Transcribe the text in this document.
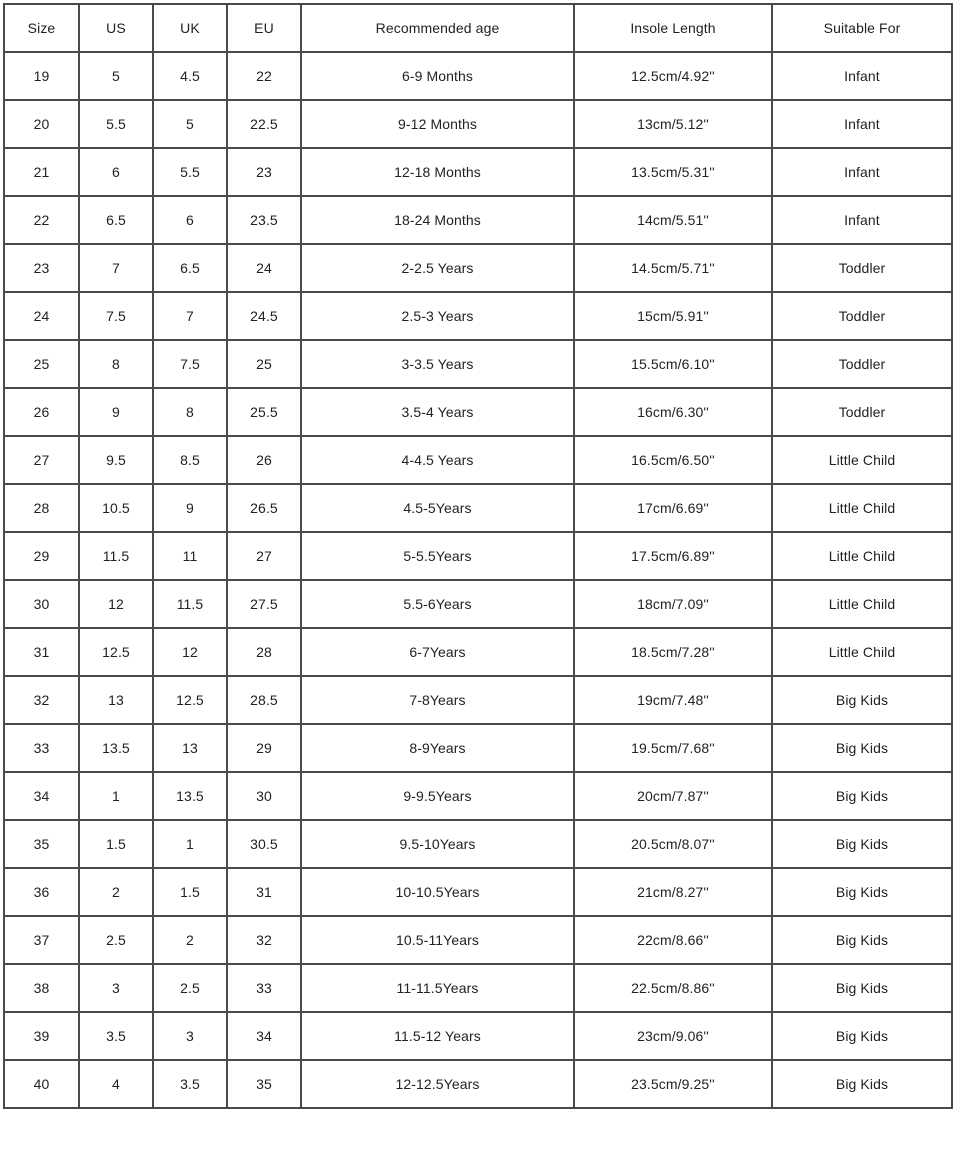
Size	US	UK	EU	Recommended age	Insole Length	Suitable For
19	5	4.5	22	6-9 Months	12.5cm/4.92''	Infant
20	5.5	5	22.5	9-12 Months	13cm/5.12''	Infant
21	6	5.5	23	12-18 Months	13.5cm/5.31''	Infant
22	6.5	6	23.5	18-24 Months	14cm/5.51''	Infant
23	7	6.5	24	2-2.5 Years	14.5cm/5.71''	Toddler
24	7.5	7	24.5	2.5-3 Years	15cm/5.91''	Toddler
25	8	7.5	25	3-3.5 Years	15.5cm/6.10''	Toddler
26	9	8	25.5	3.5-4 Years	16cm/6.30''	Toddler
27	9.5	8.5	26	4-4.5 Years	16.5cm/6.50''	Little Child
28	10.5	9	26.5	4.5-5Years	17cm/6.69''	Little Child
29	11.5	11	27	5-5.5Years	17.5cm/6.89''	Little Child
30	12	11.5	27.5	5.5-6Years	18cm/7.09''	Little Child
31	12.5	12	28	6-7Years	18.5cm/7.28''	Little Child
32	13	12.5	28.5	7-8Years	19cm/7.48''	Big Kids
33	13.5	13	29	8-9Years	19.5cm/7.68''	Big Kids
34	1	13.5	30	9-9.5Years	20cm/7.87''	Big Kids
35	1.5	1	30.5	9.5-10Years	20.5cm/8.07''	Big Kids
36	2	1.5	31	10-10.5Years	21cm/8.27''	Big Kids
37	2.5	2	32	10.5-11Years	22cm/8.66''	Big Kids
38	3	2.5	33	11-11.5Years	22.5cm/8.86''	Big Kids
39	3.5	3	34	11.5-12 Years	23cm/9.06''	Big Kids
40	4	3.5	35	12-12.5Years	23.5cm/9.25''	Big Kids
